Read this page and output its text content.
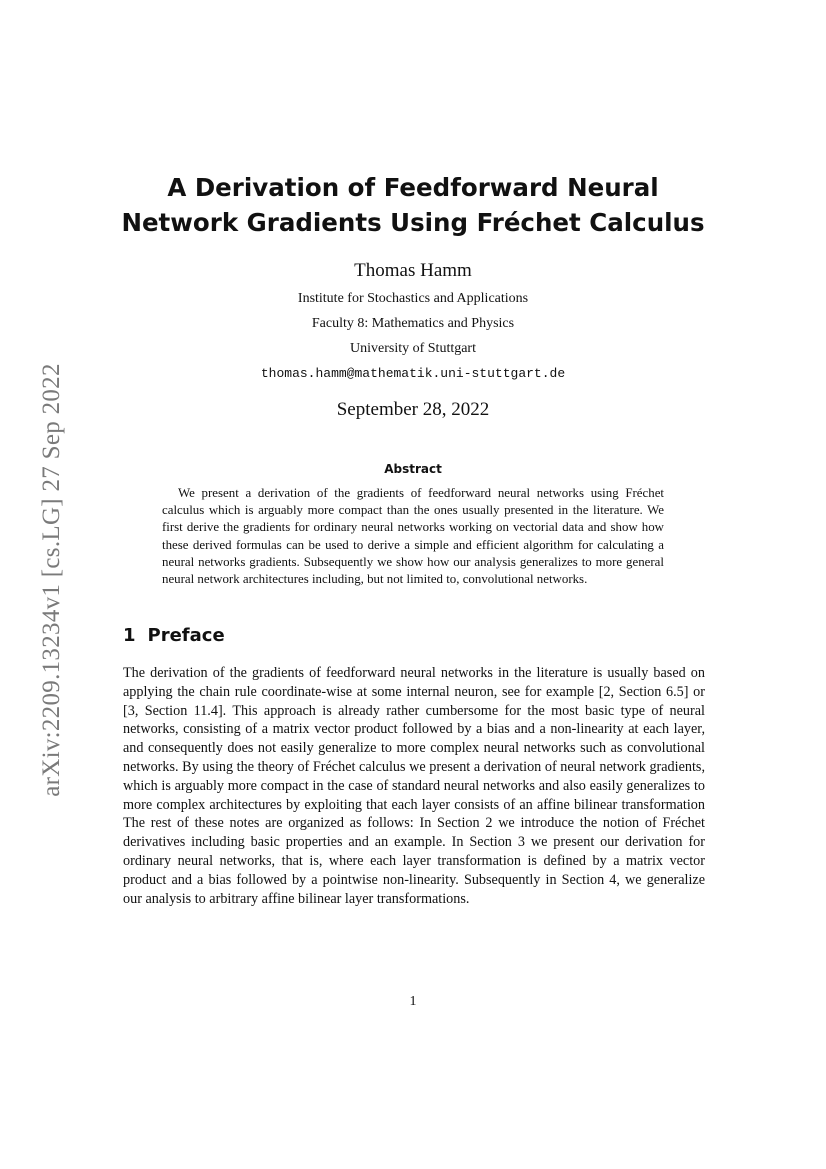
arXiv:2209.13234v1 [cs.LG] 27 Sep 2022
A Derivation of Feedforward Neural
Network Gradients Using Fréchet Calculus
Thomas Hamm
Institute for Stochastics and Applications
Faculty 8: Mathematics and Physics
University of Stuttgart
thomas.hamm@mathematik.uni-stuttgart.de
September 28, 2022
Abstract

We present a derivation of the gradients of feedforward neural networks using Fréchet calculus which is arguably more compact than the ones usually presented in the literature. We first derive the gradients for ordinary neural networks working on vectorial data and show how these derived formulas can be used to derive a simple and efficient algorithm for calculating a neural networks gradients. Subsequently we show how our analysis generalizes to more general neural network architectures including, but not limited to, convolutional networks.

1 Preface

The derivation of the gradients of feedforward neural networks in the literature is usually based on applying the chain rule coordinate-wise at some internal neuron, see for example [2, Section 6.5] or [3, Section 11.4]. This approach is already rather cumbersome for the most basic type of neural networks, consisting of a matrix vector product followed by a bias and a non-linearity at each layer, and consequently does not easily generalize to more complex neural networks such as convolutional networks. By using the theory of Fréchet calculus we present a derivation of neural network gradients, which is arguably more compact in the case of standard neural networks and also easily generalizes to more complex architectures by exploiting that each layer consists of an affine bilinear transformation The rest of these notes are organized as follows: In Section 2 we introduce the notion of Fréchet derivatives including basic properties and an example. In Section 3 we present our derivation for ordinary neural networks, that is, where each layer transformation is defined by a matrix vector product and a bias followed by a pointwise non-linearity. Subsequently in Section 4, we generalize our analysis to arbitrary affine bilinear layer transformations.

1
